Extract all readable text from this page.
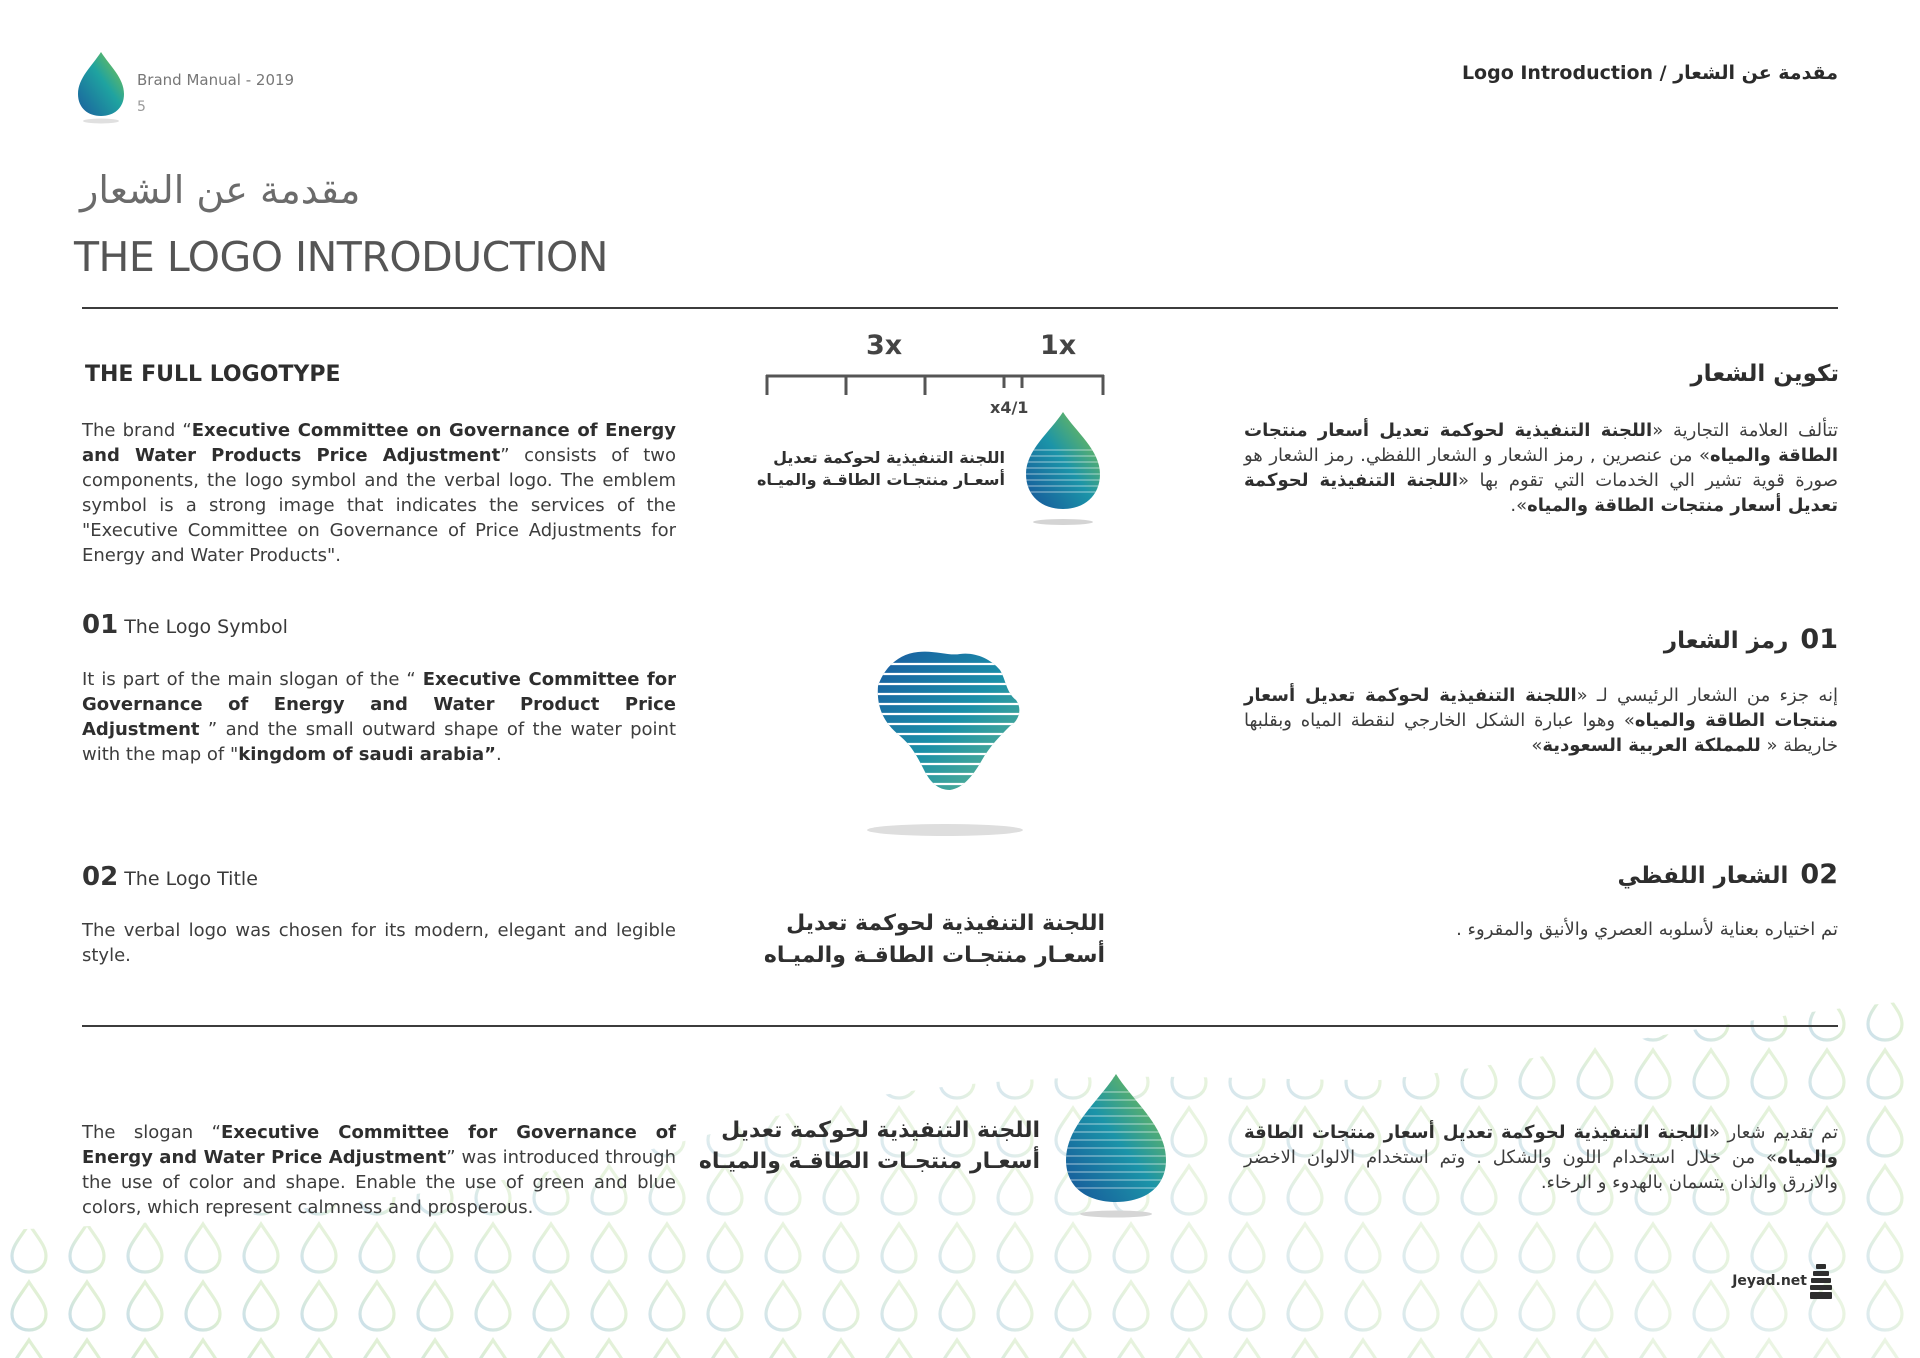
Brand Manual - 2019
5
Logo Introduction / مقدمة عن الشعار
مقدمة عن الشعار
THE LOGO INTRODUCTION
THE FULL LOGOTYPE
The brand “Executive Committee on Governance of Energy and Water Products Price Adjustment” consists of two components, the logo symbol and the verbal logo. The emblem symbol is a strong image that indicates the services of the "Executive Committee on Governance of Price Adjustments for Energy and Water Products".
تكوين الشعار
تتألف العلامة التجارية «اللجنة التنفيذية لحوكمة تعديل أسعار منتجات الطاقة والمياه» من عنصرين , رمز الشعار و الشعار اللفظي. رمز الشعار هو صورة قوية تشير الي الخدمات التي تقوم بها «اللجنة التنفيذية لحوكمة تعديل أسعار منتجات الطاقة والمياه».
3x	1x
x4/1
اللجنة التنفيذية لحوكمة تعديل
أسعـار منتجـات الطاقـة والميـاه
01 The Logo Symbol
It is part of the main slogan of the “ Executive Committee for Governance of Energy and Water Product Price Adjustment ” and the small outward shape of the water point with the map of "kingdom of saudi arabia”.
01رمز الشعار
إنه جزء من الشعار الرئيسي لـ «اللجنة التنفيذية لحوكمة تعديل أسعار منتجات الطاقة والمياه» وهوا عبارة الشكل الخارجي لنقطة المياه وبقلبها خاريطة « للمملكة العربية السعودية»
02 The Logo Title
The verbal logo was chosen for its modern, elegant and legible style.
02الشعار اللفظي
تم اختياره بعناية لأسلوبه العصري والأنيق والمقروء .
اللجنة التنفيذية لحوكمة تعديل
أسعـار منتجـات الطاقـة والميـاه
The slogan “Executive Committee for Governance of Energy and Water Price Adjustment” was introduced through the use of color and shape. Enable the use of green and blue colors, which represent calmness and prosperous.
اللجنة التنفيذية لحوكمة تعديل
أسعـار منتجـات الطاقـة والميـاه
تم تقديم شعار «اللجنة التنفيذية لحوكمة تعديل أسعار منتجات الطاقة والمياه» من خلال استخدام اللون والشكل . وتم استخدام الالوان الاخضر والازرق والذان يتسمان بالهدوء و الرخاء.
Jeyad.net
